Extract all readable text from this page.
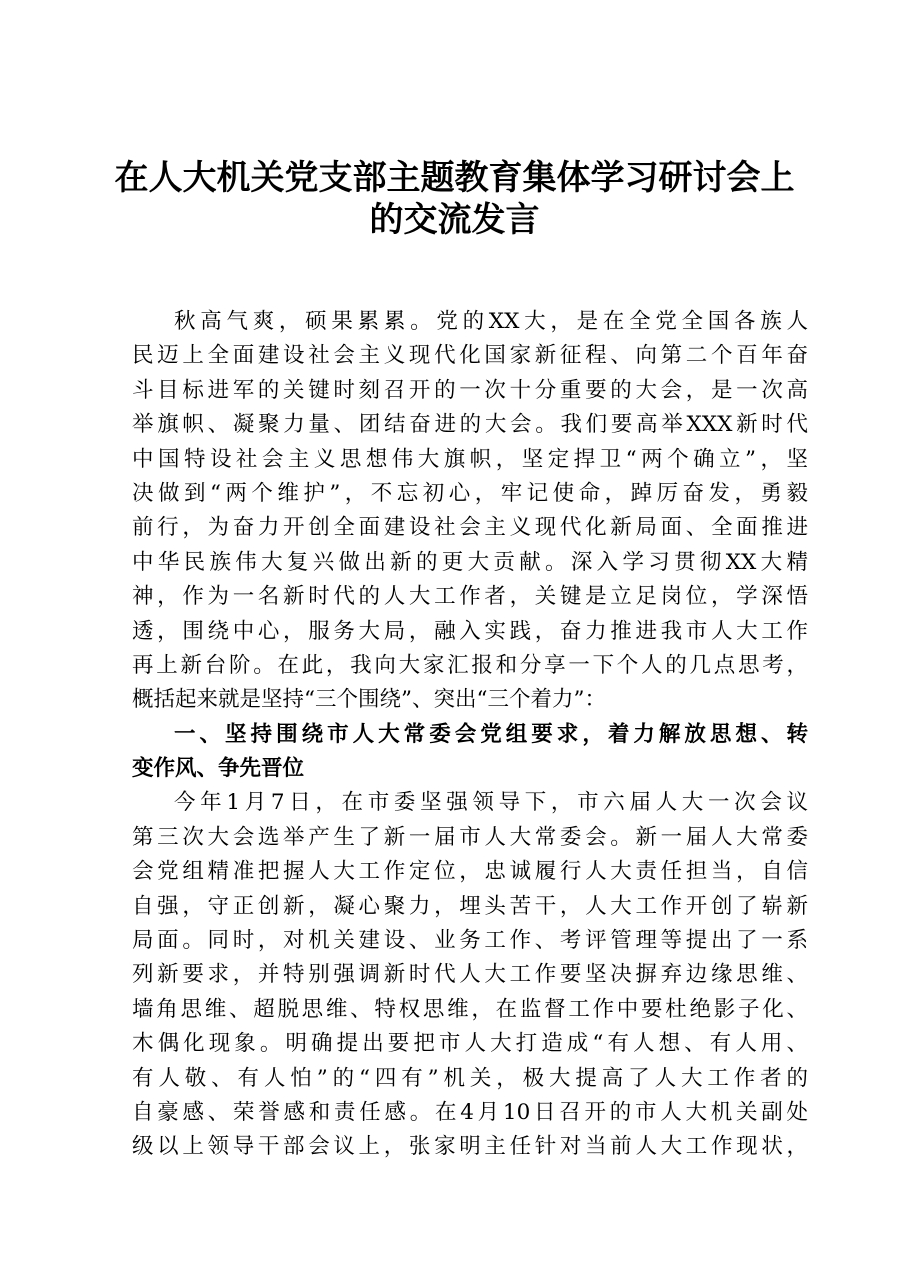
在人大机关党支部主题教育集体学习研讨会上
的交流发言
秋高气爽，硕果累累。党的XX大，是在全党全国各族人
民迈上全面建设社会主义现代化国家新征程、向第二个百年奋
斗目标进军的关键时刻召开的一次十分重要的大会，是一次高
举旗帜、凝聚力量、团结奋进的大会。我们要高举XXX新时代
中国特设社会主义思想伟大旗帜，坚定捍卫“两个确立”，坚
决做到“两个维护”，不忘初心，牢记使命，踔厉奋发，勇毅
前行，为奋力开创全面建设社会主义现代化新局面、全面推进
中华民族伟大复兴做出新的更大贡献。深入学习贯彻XX大精
神，作为一名新时代的人大工作者，关键是立足岗位，学深悟
透，围绕中心，服务大局，融入实践，奋力推进我市人大工作
再上新台阶。在此，我向大家汇报和分享一下个人的几点思考，
概括起来就是坚持“三个围绕”、突出“三个着力”：
一、坚持围绕市人大常委会党组要求，着力解放思想、转
变作风、争先晋位
今年1月7日，在市委坚强领导下，市六届人大一次会议
第三次大会选举产生了新一届市人大常委会。新一届人大常委
会党组精准把握人大工作定位，忠诚履行人大责任担当，自信
自强，守正创新，凝心聚力，埋头苦干，人大工作开创了崭新
局面。同时，对机关建设、业务工作、考评管理等提出了一系
列新要求，并特别强调新时代人大工作要坚决摒弃边缘思维、
墙角思维、超脱思维、特权思维，在监督工作中要杜绝影子化、
木偶化现象。明确提出要把市人大打造成“有人想、有人用、
有人敬、有人怕”的“四有”机关，极大提高了人大工作者的
自豪感、荣誉感和责任感。在4月10日召开的市人大机关副处
级以上领导干部会议上，张家明主任针对当前人大工作现状，
